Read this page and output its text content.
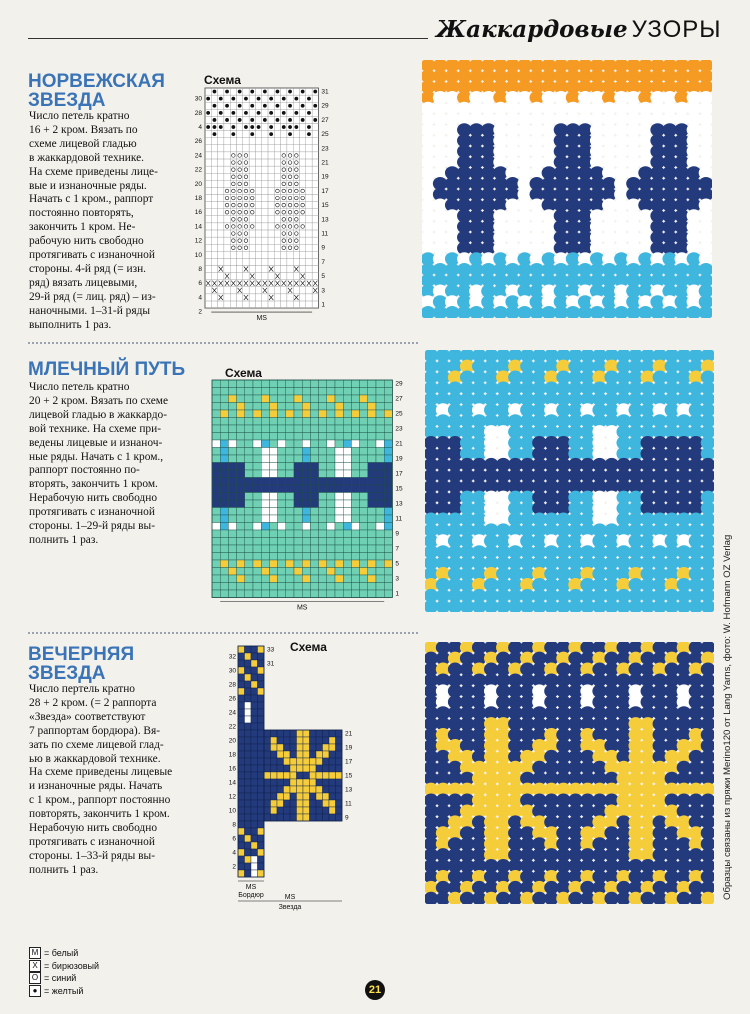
Жаккардовые УЗОРЫ
НОРВЕЖСКАЯ
ЗВЕЗДА
Число петель кратно
16 + 2 кром. Вязать по
схеме лицевой гладью
в жаккардовой технике.
На схеме приведены лице-
вые и изнаночные ряды.
Начать с 1 кром., раппорт
постоянно повторять,
закончить 1 кром. Не-
рабочую нить свободно
протягивать с изнаночной
стороны. 4-й ряд (= изн.
ряд) вязать лицевыми,
29-й ряд (= лиц. ряд) – из-
наночными. 1–31-й ряды
выполнить 1 раз.
Схема
30
28
4
26
24
22
20
18
16
14
12
10
8
6
4
2
31
29
27
25
23
21
19
17
15
13
11
9
7
5
3
1
MS
МЛЕЧНЫЙ ПУТЬ
Число петель кратно
20 + 2 кром. Вязать по схеме
лицевой гладью в жаккардо-
вой технике. На схеме при-
ведены лицевые и изнаноч-
ные ряды. Начать с 1 кром.,
раппорт постоянно по-
вторять, закончить 1 кром.
Нерабочую нить свободно
протягивать с изнаночной
стороны. 1–29-й ряды вы-
полнить 1 раз.
Схема
29
27
25
23
21
19
17
15
13
11
9
7
5
3
1
MS
ВЕЧЕРНЯЯ
ЗВЕЗДА
Число пертель кратно
28 + 2 кром. (= 2 раппорта
«Звезда» соответствуют
7 раппортам бордюра). Вя-
зать по схеме лицевой глад-
ью в жаккардовой технике.
На схеме приведены лицевые
и изнаночные ряды. Начать
с 1 кром., раппорт постоянно
повторять, закончить 1 кром.
Нерабочую нить свободно
протягивать с изнаночной
стороны. 1–33-й ряды вы-
полнить 1 раз.
Схема
32
30
28
26
24
22
20
18
16
14
12
10
8
6
4
2
33
31
21
19
17
15
13
11
9
MS
Бордюр	MS
Звезда
Образцы связаны из пряжи Merino120 от Lang Yarns, фото: W. Hofmann OZ Verlag
M = белый
X = бирюзовый
O = синий
● = желтый	21
